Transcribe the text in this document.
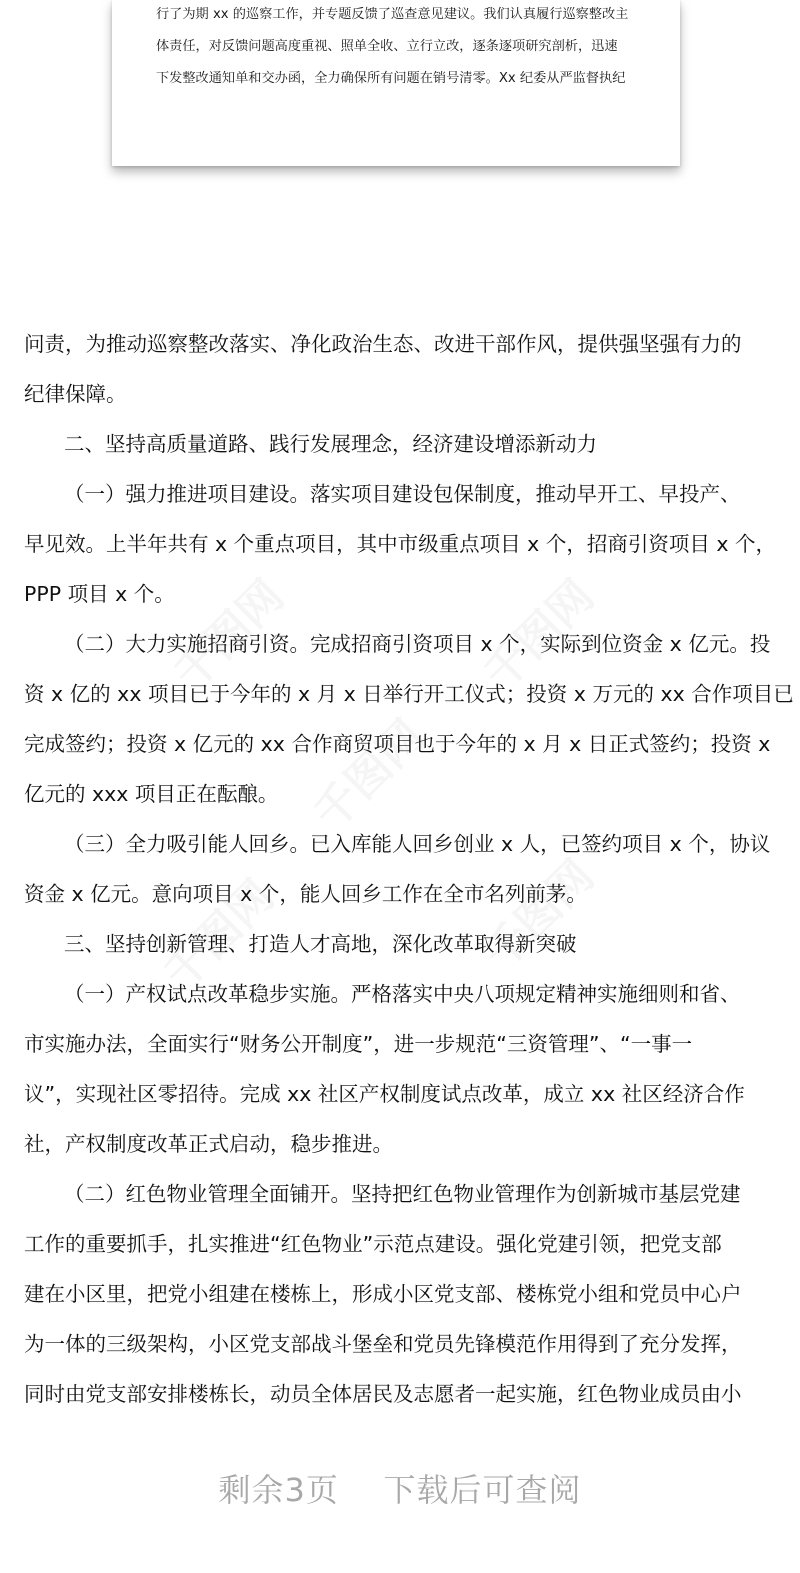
行了为期 xx 的巡察工作，并专题反馈了巡查意见建议。我们认真履行巡察整改主
体责任，对反馈问题高度重视、照单全收、立行立改，逐条逐项研究剖析，迅速
下发整改通知单和交办函，全力确保所有问题在销号清零。Xx 纪委从严监督执纪
千图网	千图网
千图网
千图网
千图网
问责，为推动巡察整改落实、净化政治生态、改进干部作风，提供强坚强有力的
纪律保障。
二、坚持高质量道路、践行发展理念，经济建设增添新动力
（一）强力推进项目建设。落实项目建设包保制度，推动早开工、早投产、
早见效。上半年共有 x 个重点项目，其中市级重点项目 x 个，招商引资项目 x 个，
PPP 项目 x 个。
（二）大力实施招商引资。完成招商引资项目 x 个，实际到位资金 x 亿元。投
资 x 亿的 xx 项目已于今年的 x 月 x 日举行开工仪式；投资 x 万元的 xx 合作项目已
完成签约；投资 x 亿元的 xx 合作商贸项目也于今年的 x 月 x 日正式签约；投资 x
亿元的 xxx 项目正在酝酿。
（三）全力吸引能人回乡。已入库能人回乡创业 x 人，已签约项目 x 个，协议
资金 x 亿元。意向项目 x 个，能人回乡工作在全市名列前茅。
三、坚持创新管理、打造人才高地，深化改革取得新突破
（一）产权试点改革稳步实施。严格落实中央八项规定精神实施细则和省、
市实施办法，全面实行“财务公开制度”，进一步规范“三资管理”、“一事一
议”，实现社区零招待。完成 xx 社区产权制度试点改革，成立 xx 社区经济合作
社，产权制度改革正式启动，稳步推进。
（二）红色物业管理全面铺开。坚持把红色物业管理作为创新城市基层党建
工作的重要抓手，扎实推进“红色物业”示范点建设。强化党建引领，把党支部
建在小区里，把党小组建在楼栋上，形成小区党支部、楼栋党小组和党员中心户
为一体的三级架构，小区党支部战斗堡垒和党员先锋模范作用得到了充分发挥，
同时由党支部安排楼栋长，动员全体居民及志愿者一起实施，红色物业成员由小
剩余3页 下载后可查阅
